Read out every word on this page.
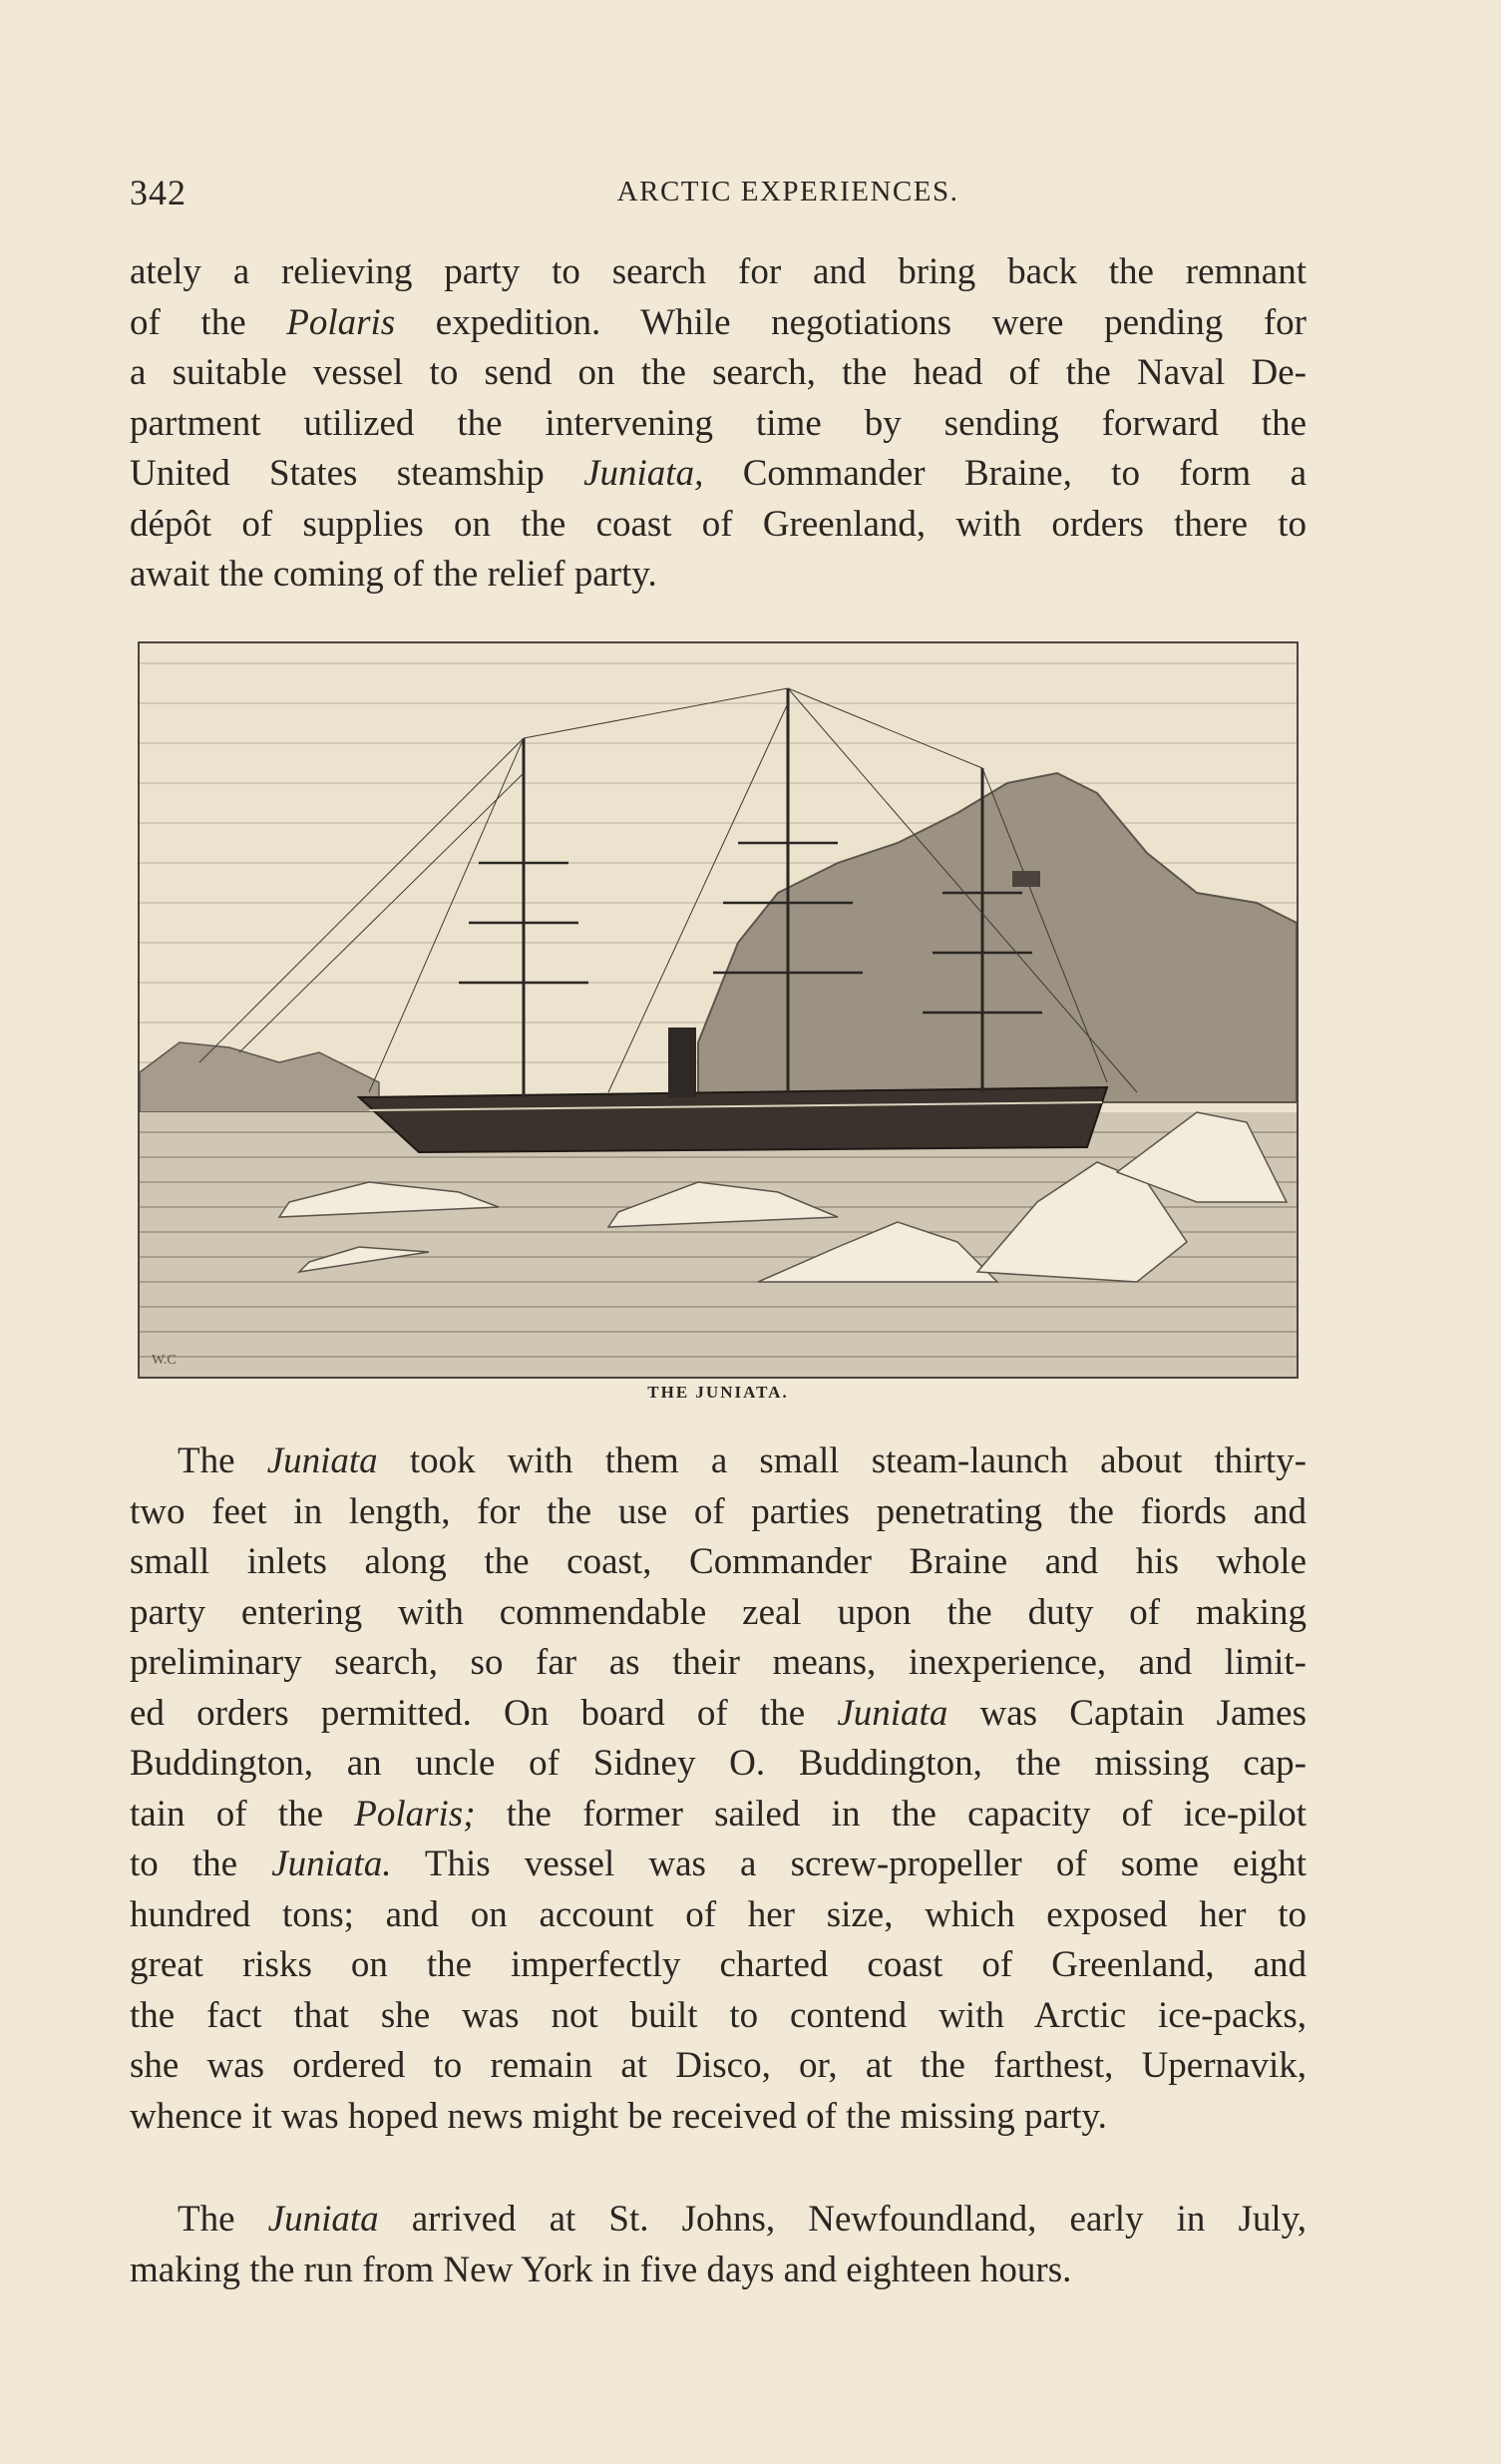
342	ARCTIC EXPERIENCES.
ately a relieving party to search for and bring back the remnant
of the Polaris expedition. While negotiations were pending for
a suitable vessel to send on the search, the head of the Naval De-
partment utilized the intervening time by sending forward the
United States steamship Juniata, Commander Braine, to form a
dépôt of supplies on the coast of Greenland, with orders there to
await the coming of the relief party.
W.C
THE JUNIATA.
The Juniata took with them a small steam-launch about thirty-
two feet in length, for the use of parties penetrating the fiords and
small inlets along the coast, Commander Braine and his whole
party entering with commendable zeal upon the duty of making
preliminary search, so far as their means, inexperience, and limit-
ed orders permitted. On board of the Juniata was Captain James
Buddington, an uncle of Sidney O. Buddington, the missing cap-
tain of the Polaris; the former sailed in the capacity of ice-pilot
to the Juniata. This vessel was a screw-propeller of some eight
hundred tons; and on account of her size, which exposed her to
great risks on the imperfectly charted coast of Greenland, and
the fact that she was not built to contend with Arctic ice-packs,
she was ordered to remain at Disco, or, at the farthest, Upernavik,
whence it was hoped news might be received of the missing party.
The Juniata arrived at St. Johns, Newfoundland, early in July,
making the run from New York in five days and eighteen hours.
